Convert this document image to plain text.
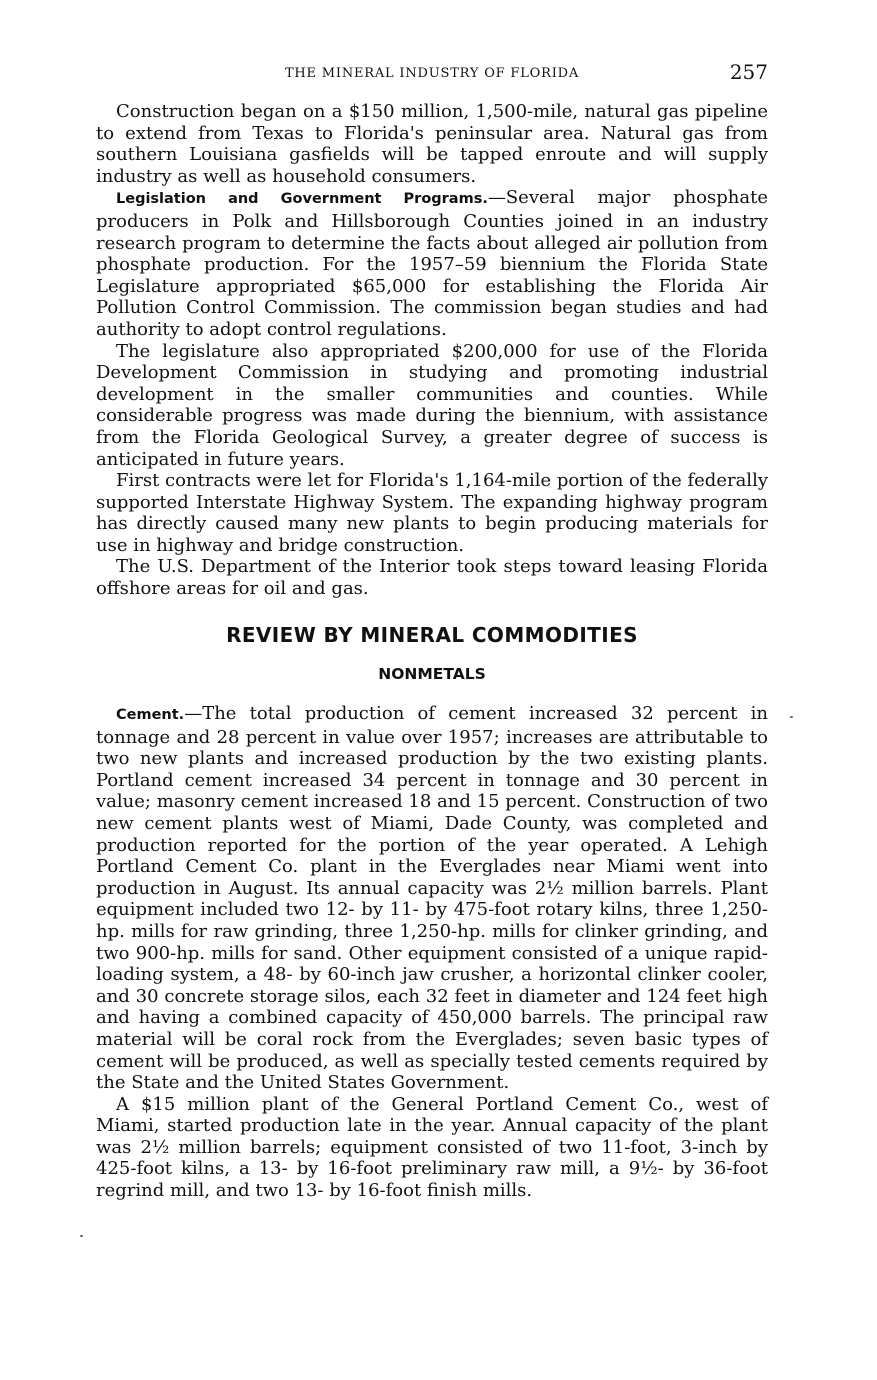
THE MINERAL INDUSTRY OF FLORIDA	257

Construction began on a $150 million, 1,500-mile, natural gas pipeline to extend from Texas to Florida's peninsular area. Natural gas from southern Louisiana gasfields will be tapped enroute and will supply industry as well as household consumers.

Legislation and Government Programs.—Several major phosphate producers in Polk and Hillsborough Counties joined in an industry research program to determine the facts about alleged air pollution from phosphate production. For the 1957–59 biennium the Florida State Legislature appropriated $65,000 for establishing the Florida Air Pollution Control Commission. The commission began studies and had authority to adopt control regulations.

The legislature also appropriated $200,000 for use of the Florida Development Commission in studying and promoting industrial development in the smaller communities and counties. While considerable progress was made during the biennium, with assistance from the Florida Geological Survey, a greater degree of success is anticipated in future years.

First contracts were let for Florida's 1,164-mile portion of the federally supported Interstate Highway System. The expanding highway program has directly caused many new plants to begin producing materials for use in highway and bridge construction.

The U.S. Department of the Interior took steps toward leasing Florida offshore areas for oil and gas.

REVIEW BY MINERAL COMMODITIES
NONMETALS

Cement.—The total production of cement increased 32 percent in tonnage and 28 percent in value over 1957; increases are attributable to two new plants and increased production by the two existing plants. Portland cement increased 34 percent in tonnage and 30 percent in value; masonry cement increased 18 and 15 percent. Construction of two new cement plants west of Miami, Dade County, was completed and production reported for the portion of the year operated. A Lehigh Portland Cement Co. plant in the Everglades near Miami went into production in August. Its annual capacity was 2½ million barrels. Plant equipment included two 12- by 11- by 475-foot rotary kilns, three 1,250-hp. mills for raw grinding, three 1,250-hp. mills for clinker grinding, and two 900-hp. mills for sand. Other equipment consisted of a unique rapid-loading system, a 48- by 60-inch jaw crusher, a horizontal clinker cooler, and 30 concrete storage silos, each 32 feet in diameter and 124 feet high and having a combined capacity of 450,000 barrels. The principal raw material will be coral rock from the Everglades; seven basic types of cement will be produced, as well as specially tested cements required by the State and the United States Government.

A $15 million plant of the General Portland Cement Co., west of Miami, started production late in the year. Annual capacity of the plant was 2½ million barrels; equipment consisted of two 11-foot, 3-inch by 425-foot kilns, a 13- by 16-foot preliminary raw mill, a 9½- by 36-foot regrind mill, and two 13- by 16-foot finish mills.
